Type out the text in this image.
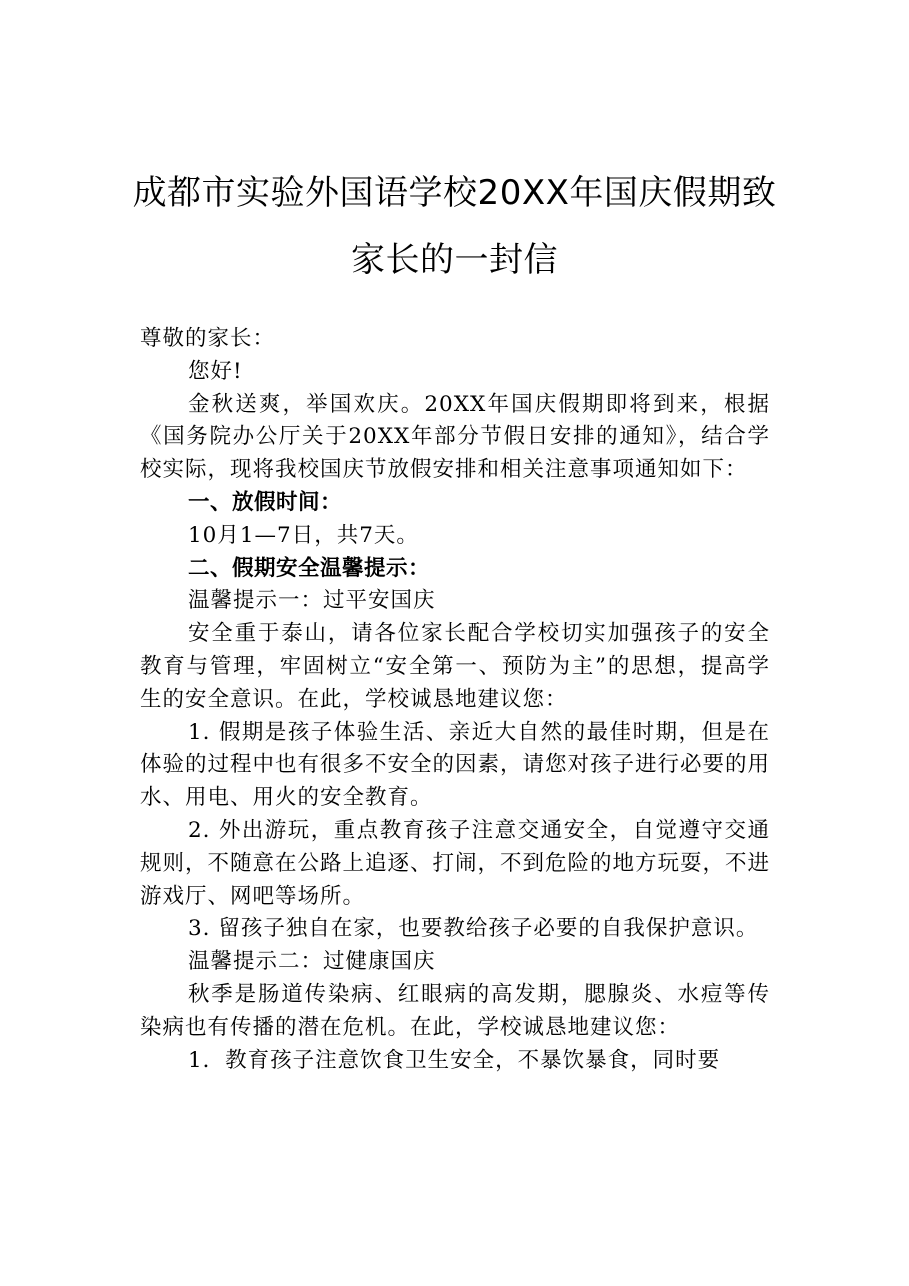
成都市实验外国语学校20XX年国庆假期致
家长的一封信

尊敬的家长：

您好!

金秋送爽，举国欢庆。20XX年国庆假期即将到来，根据《国务院办公厅关于20XX年部分节假日安排的通知》，结合学校实际，现将我校国庆节放假安排和相关注意事项通知如下：

一、放假时间：

10月1—7日，共7天。

二、假期安全温馨提示：

温馨提示一：过平安国庆

安全重于泰山，请各位家长配合学校切实加强孩子的安全教育与管理，牢固树立“安全第一、预防为主”的思想，提高学生的安全意识。在此，学校诚恳地建议您：

1. 假期是孩子体验生活、亲近大自然的最佳时期，但是在体验的过程中也有很多不安全的因素，请您对孩子进行必要的用水、用电、用火的安全教育。

2. 外出游玩，重点教育孩子注意交通安全，自觉遵守交通规则，不随意在公路上追逐、打闹，不到危险的地方玩耍，不进游戏厅、网吧等场所。

3. 留孩子独自在家，也要教给孩子必要的自我保护意识。

温馨提示二：过健康国庆

秋季是肠道传染病、红眼病的高发期，腮腺炎、水痘等传染病也有传播的潜在危机。在此，学校诚恳地建议您：

1．教育孩子注意饮食卫生安全，不暴饮暴食，同时要
